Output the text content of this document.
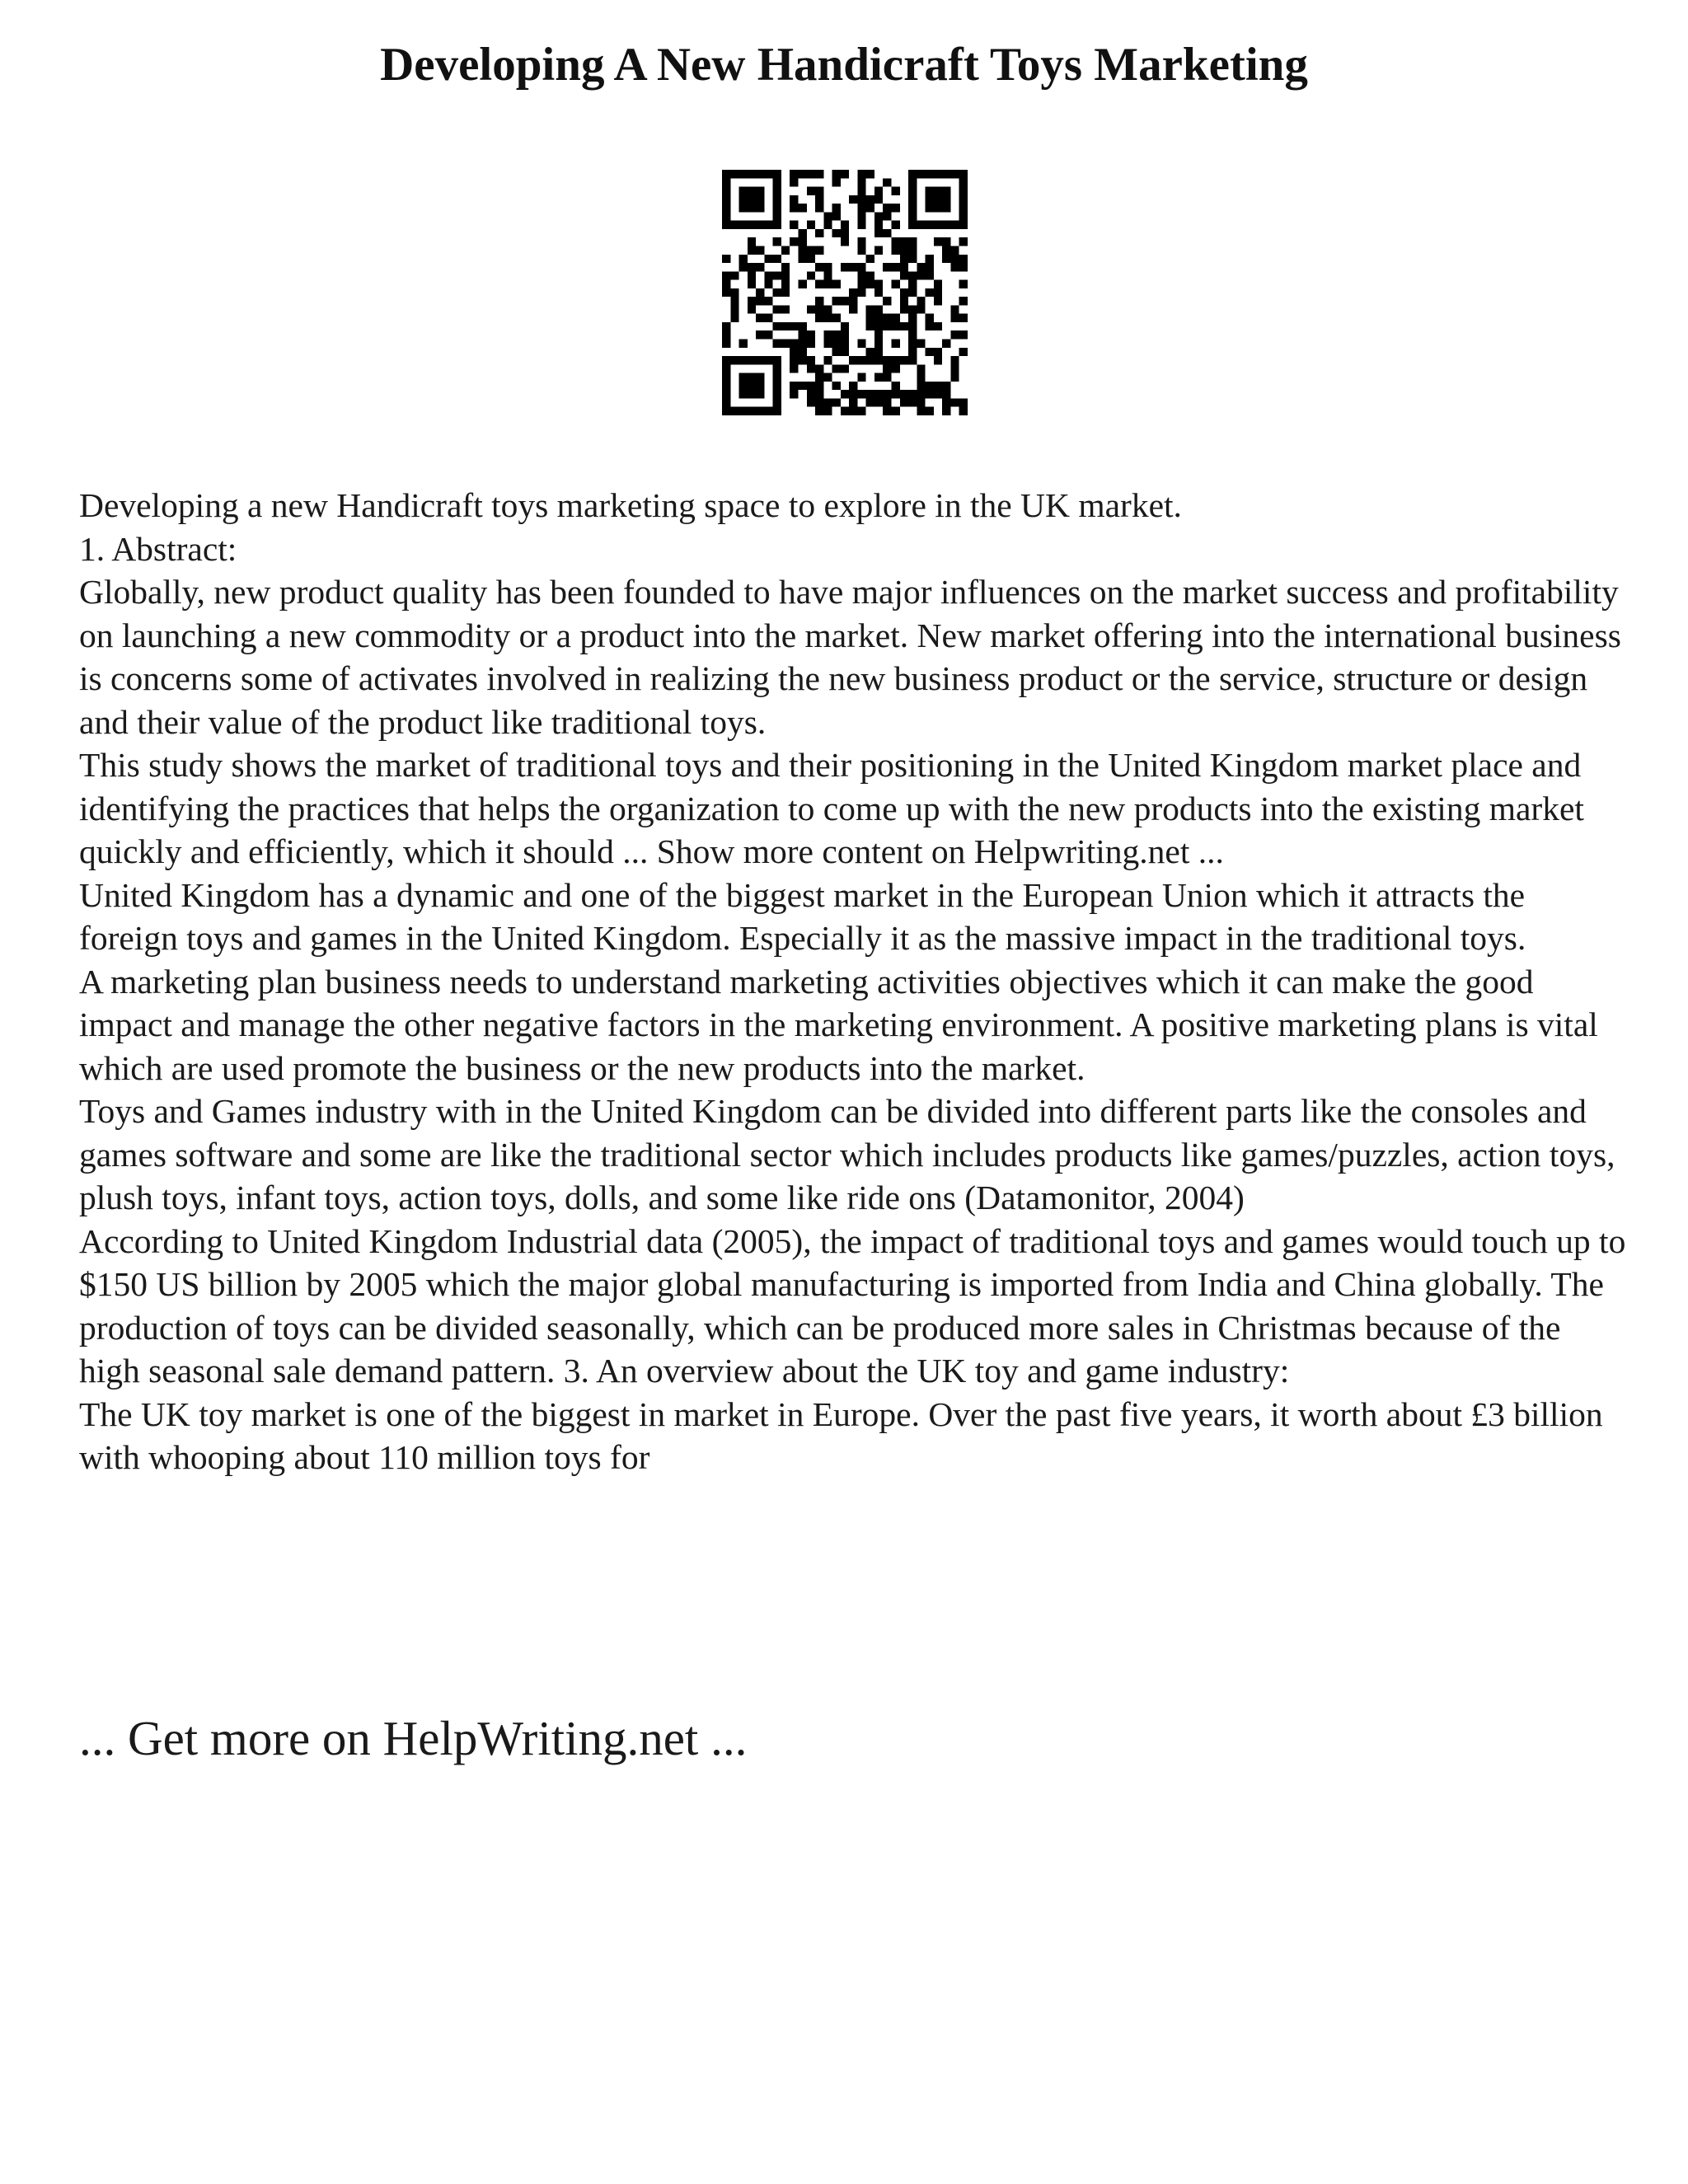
Developing A New Handicraft Toys Marketing

Developing a new Handicraft toys marketing space to explore in the UK market.

1. Abstract:

Globally, new product quality has been founded to have major influences on the market success and profitability on launching a new commodity or a product into the market. New market offering into the international business is concerns some of activates involved in realizing the new business product or the service, structure or design and their value of the product like traditional toys.

This study shows the market of traditional toys and their positioning in the United Kingdom market place and identifying the practices that helps the organization to come up with the new products into the existing market quickly and efficiently, which it should ... Show more content on Helpwriting.net ...

United Kingdom has a dynamic and one of the biggest market in the European Union which it attracts the foreign toys and games in the United Kingdom. Especially it as the massive impact in the traditional toys.

A marketing plan business needs to understand marketing activities objectives which it can make the good impact and manage the other negative factors in the marketing environment. A positive marketing plans is vital which are used promote the business or the new products into the market.

Toys and Games industry with in the United Kingdom can be divided into different parts like the consoles and games software and some are like the traditional sector which includes products like games/puzzles, action toys, plush toys, infant toys, action toys, dolls, and some like ride ons (Datamonitor, 2004)

According to United Kingdom Industrial data (2005), the impact of traditional toys and games would touch up to $150 US billion by 2005 which the major global manufacturing is imported from India and China globally. The production of toys can be divided seasonally, which can be produced more sales in Christmas because of the high seasonal sale demand pattern. 3. An overview about the UK toy and game industry:

The UK toy market is one of the biggest in market in Europe. Over the past five years, it worth about £3 billion with whooping about 110 million toys for

... Get more on HelpWriting.net ...
